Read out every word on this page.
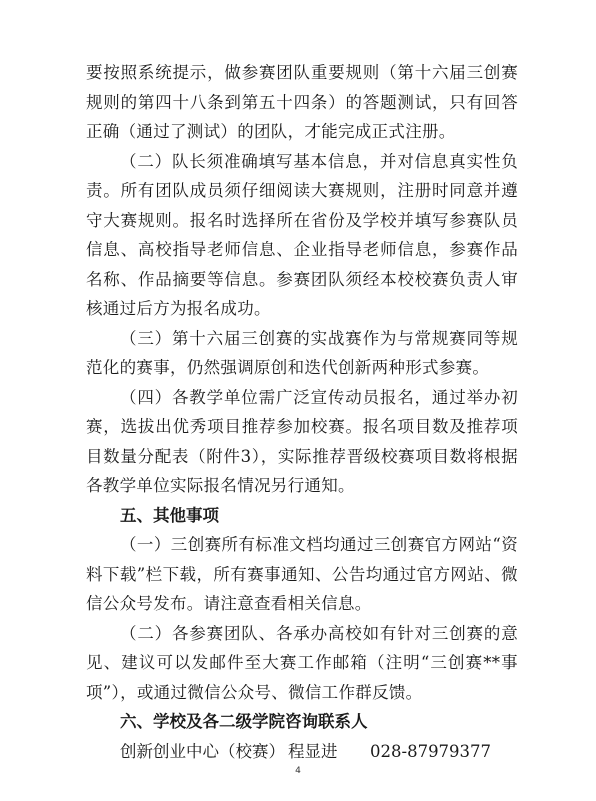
要按照系统提示，做参赛团队重要规则（第十六届三创赛规则的第四十八条到第五十四条）的答题测试，只有回答正确（通过了测试）的团队，才能完成正式注册。

（二）队长须准确填写基本信息，并对信息真实性负责。所有团队成员须仔细阅读大赛规则，注册时同意并遵守大赛规则。报名时选择所在省份及学校并填写参赛队员信息、高校指导老师信息、企业指导老师信息，参赛作品名称、作品摘要等信息。参赛团队须经本校校赛负责人审核通过后方为报名成功。

（三）第十六届三创赛的实战赛作为与常规赛同等规范化的赛事，仍然强调原创和迭代创新两种形式参赛。

（四）各教学单位需广泛宣传动员报名，通过举办初赛，选拔出优秀项目推荐参加校赛。报名项目数及推荐项目数量分配表（附件3），实际推荐晋级校赛项目数将根据各教学单位实际报名情况另行通知。

五、其他事项

（一）三创赛所有标准文档均通过三创赛官方网站“资料下载”栏下载，所有赛事通知、公告均通过官方网站、微信公众号发布。请注意查看相关信息。

（二）各参赛团队、各承办高校如有针对三创赛的意见、建议可以发邮件至大赛工作邮箱（注明“三创赛**事项”），或通过微信公众号、微信工作群反馈。

六、学校及各二级学院咨询联系人

创新创业中心（校赛） 程显进 028-87979377

4
